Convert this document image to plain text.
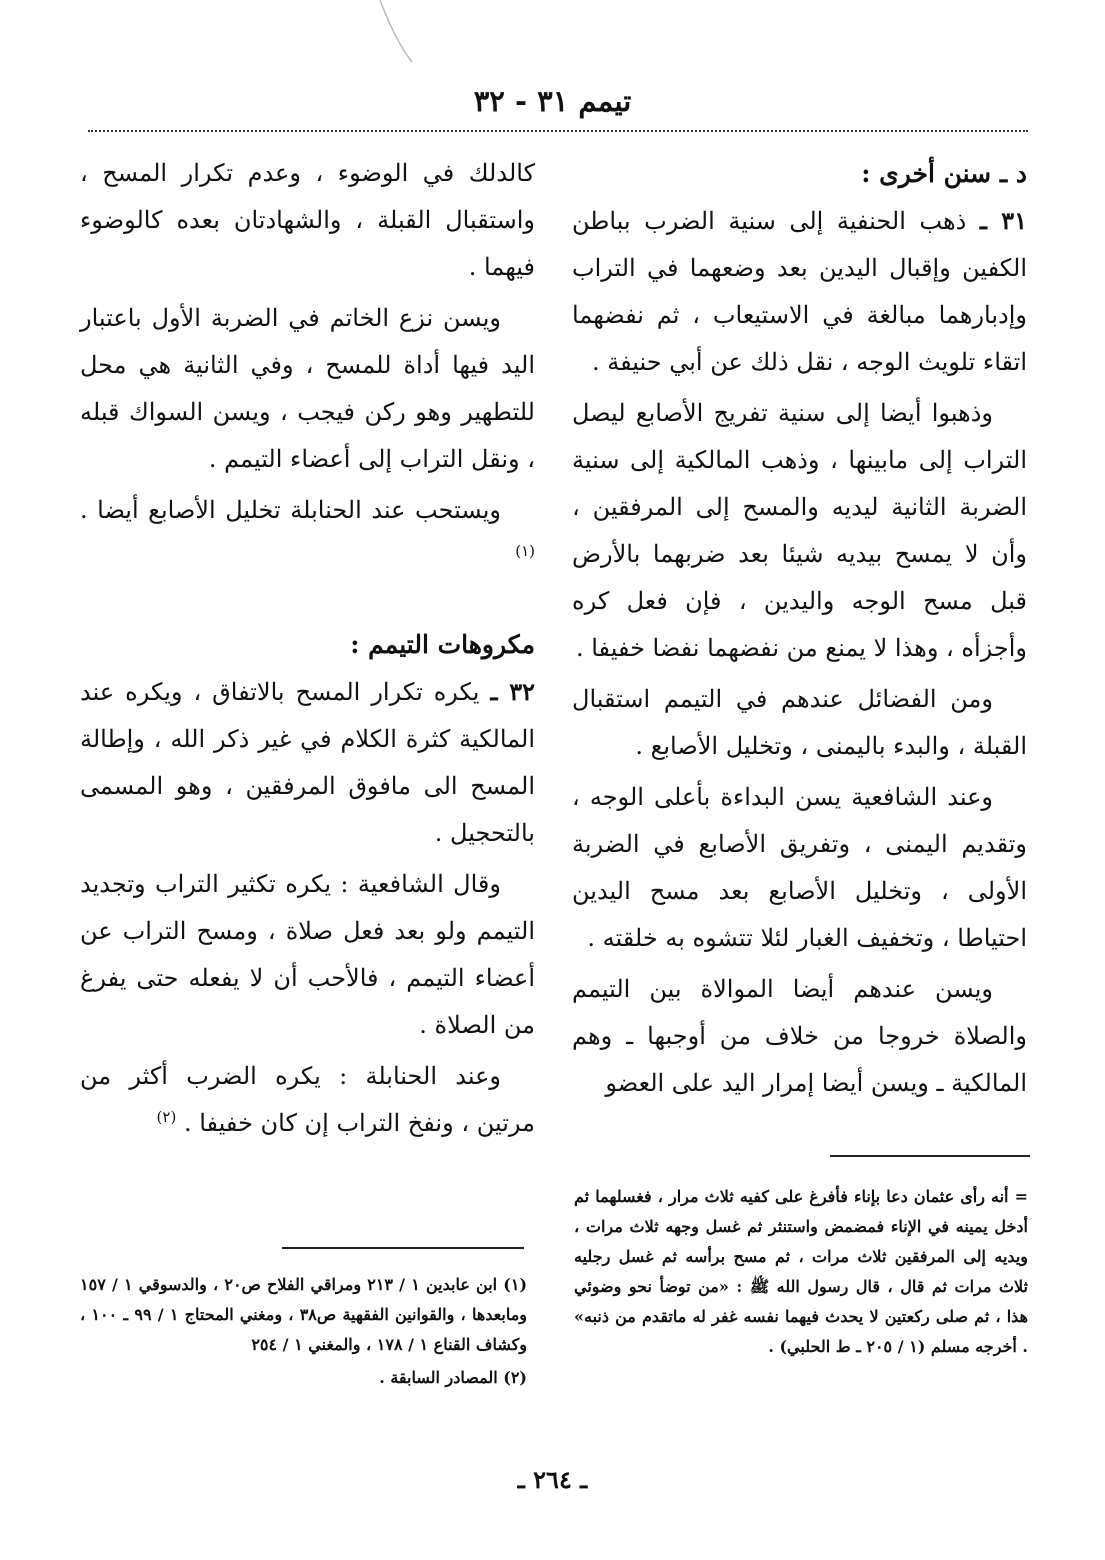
تيمم ٣١ - ٣٢
د ـ سنن أخرى :

٣١ ـ ذهب الحنفية إلى سنية الضرب بباطن الكفين وإقبال اليدين بعد وضعهما في التراب وإدبارهما مبالغة في الاستيعاب ، ثم نفضهما اتقاء تلويث الوجه ، نقل ذلك عن أبي حنيفة .

وذهبوا أيضا إلى سنية تفريج الأصابع ليصل التراب إلى مابينها ، وذهب المالكية إلى سنية الضربة الثانية ليديه والمسح إلى المرفقين ، وأن لا يمسح بيديه شيئا بعد ضربهما بالأرض قبل مسح الوجه واليدين ، فإن فعل كره وأجزأه ، وهذا لا يمنع من نفضهما نفضا خفيفا .

ومن الفضائل عندهم في التيمم استقبال القبلة ، والبدء باليمنى ، وتخليل الأصابع .

وعند الشافعية يسن البداءة بأعلى الوجه ، وتقديم اليمنى ، وتفريق الأصابع في الضربة الأولى ، وتخليل الأصابع بعد مسح اليدين احتياطا ، وتخفيف الغبار لئلا تتشوه به خلقته .

ويسن عندهم أيضا الموالاة بين التيمم والصلاة خروجا من خلاف من أوجبها ـ وهم المالكية ـ ويسن أيضا إمرار اليد على العضو

كالدلك في الوضوء ، وعدم تكرار المسح ، واستقبال القبلة ، والشهادتان بعده كالوضوء فيهما .

ويسن نزع الخاتم في الضربة الأول باعتبار اليد فيها أداة للمسح ، وفي الثانية هي محل للتطهير وهو ركن فيجب ، ويسن السواك قبله ، ونقل التراب إلى أعضاء التيمم .

ويستحب عند الحنابلة تخليل الأصابع أيضا . $^{(١)}$

مكروهات التيمم :

٣٢ ـ يكره تكرار المسح بالاتفاق ، ويكره عند المالكية كثرة الكلام في غير ذكر الله ، وإطالة المسح الى مافوق المرفقين ، وهو المسمى بالتحجيل .

وقال الشافعية : يكره تكثير التراب وتجديد التيمم ولو بعد فعل صلاة ، ومسح التراب عن أعضاء التيمم ، فالأحب أن لا يفعله حتى يفرغ من الصلاة .

وعند الحنابلة : يكره الضرب أكثر من مرتين ، ونفخ التراب إن كان خفيفا . $^{(٢)}$

= أنه رأى عثمان دعا بإناء فأفرغ على كفيه ثلاث مرار ، فغسلهما ثم أدخل يمينه في الإناء فمضمض واستنثر ثم غسل وجهه ثلاث مرات ، ويديه إلى المرفقين ثلاث مرات ، ثم مسح برأسه ثم غسل رجليه ثلاث مرات ثم قال ، قال رسول الله ﷺ : «من توضأ نحو وضوئي هذا ، ثم صلى ركعتين لا يحدث فيهما نفسه غفر له ماتقدم من ذنبه» . أخرجه مسلم (١ / ٢٠٥ ـ ط الحلبي) .

(١) ابن عابدين ١ / ٢١٣ ومراقي الفلاح ص٢٠ ، والدسوقي ١ / ١٥٧ ومابعدها ، والقوانين الفقهية ص٣٨ ، ومغني المحتاج ١ / ٩٩ ـ ١٠٠ ، وكشاف القناع ١ / ١٧٨ ، والمغني ١ / ٢٥٤

(٢) المصادر السابقة .

ـ ٢٦٤ ـ
